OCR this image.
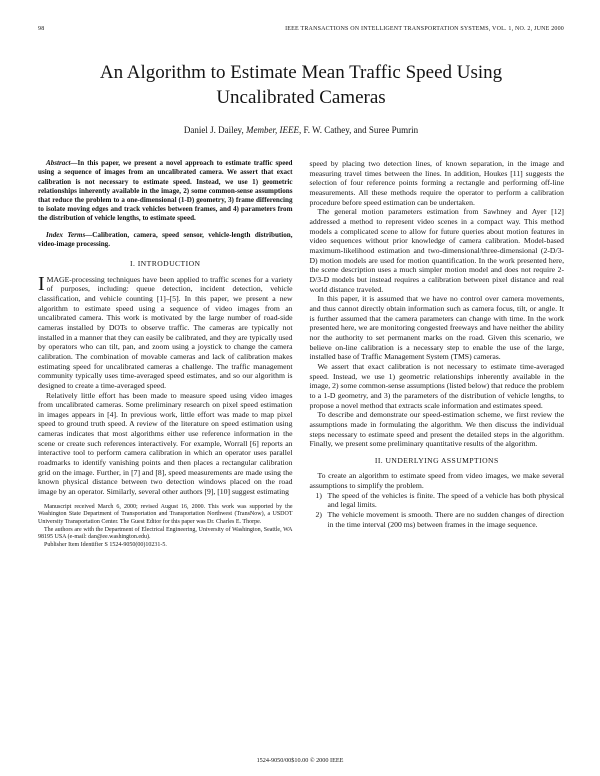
98	IEEE TRANSACTIONS ON INTELLIGENT TRANSPORTATION SYSTEMS, VOL. 1, NO. 2, JUNE 2000
An Algorithm to Estimate Mean Traffic Speed Using Uncalibrated Cameras
Daniel J. Dailey, Member, IEEE, F. W. Cathey, and Suree Pumrin

Abstract—In this paper, we present a novel approach to estimate traffic speed using a sequence of images from an uncalibrated camera. We assert that exact calibration is not necessary to estimate speed. Instead, we use 1) geometric relationships inherently available in the image, 2) some common-sense assumptions that reduce the problem to a one-dimensional (1-D) geometry, 3) frame differencing to isolate moving edges and track vehicles between frames, and 4) parameters from the distribution of vehicle lengths, to estimate speed.

Index Terms—Calibration, camera, speed sensor, vehicle-length distribution, video-image processing.

I. INTRODUCTION

IMAGE-processing techniques have been applied to traffic scenes for a variety of purposes, including: queue detection, incident detection, vehicle classification, and vehicle counting [1]–[5]. In this paper, we present a new algorithm to estimate speed using a sequence of video images from an uncalibrated camera. This work is motivated by the large number of road-side cameras installed by DOTs to observe traffic. The cameras are typically not installed in a manner that they can easily be calibrated, and they are typically used by operators who can tilt, pan, and zoom using a joystick to change the camera calibration. The combination of movable cameras and lack of calibration makes estimating speed for uncalibrated cameras a challenge. The traffic management community typically uses time-averaged speed estimates, and so our algorithm is designed to create a time-averaged speed.

Relatively little effort has been made to measure speed using video images from uncalibrated cameras. Some preliminary research on pixel speed estimation in images appears in [4]. In previous work, little effort was made to map pixel speed to ground truth speed. A review of the literature on speed estimation using cameras indicates that most algorithms either use reference information in the scene or create such references interactively. For example, Worrall [6] reports an interactive tool to perform camera calibration in which an operator uses parallel roadmarks to identify vanishing points and then places a rectangular calibration grid on the image. Further, in [7] and [8], speed measurements are made using the known physical distance between two detection windows placed on the road image by an operator. Similarly, several other authors [9], [10] suggest estimating

Manuscript received March 6, 2000; revised August 16, 2000. This work was supported by the Washington State Department of Transportation and Transportation Northwest (TransNow), a USDOT University Transportation Center. The Guest Editor for this paper was Dr. Charles E. Thorpe.

The authors are with the Department of Electrical Engineering, University of Washington, Seattle, WA 98195 USA (e-mail: dan@ee.washington.edu).

Publisher Item Identifier S 1524-9050(00)10231-5.

speed by placing two detection lines, of known separation, in the image and measuring travel times between the lines. In addition, Houkes [11] suggests the selection of four reference points forming a rectangle and performing off-line measurements. All these methods require the operator to perform a calibration procedure before speed estimation can be undertaken.

The general motion parameters estimation from Sawhney and Ayer [12] addressed a method to represent video scenes in a compact way. This method models a complicated scene to allow for future queries about motion features in video sequences without prior knowledge of camera calibration. Model-based maximum-likelihood estimation and two-dimensional/three-dimensional (2-D/3-D) motion models are used for motion quantification. In the work presented here, the scene description uses a much simpler motion model and does not require 2-D/3-D models but instead requires a calibration between pixel distance and real world distance traveled.

In this paper, it is assumed that we have no control over camera movements, and thus cannot directly obtain information such as camera focus, tilt, or angle. It is further assumed that the camera parameters can change with time. In the work presented here, we are monitoring congested freeways and have neither the ability nor the authority to set permanent marks on the road. Given this scenario, we believe on-line calibration is a necessary step to enable the use of the large, installed base of Traffic Management System (TMS) cameras.

We assert that exact calibration is not necessary to estimate time-averaged speed. Instead, we use 1) geometric relationships inherently available in the image, 2) some common-sense assumptions (listed below) that reduce the problem to a 1-D geometry, and 3) the parameters of the distribution of vehicle lengths, to propose a novel method that extracts scale information and estimates speed.

To describe and demonstrate our speed-estimation scheme, we first review the assumptions made in formulating the algorithm. We then discuss the individual steps necessary to estimate speed and present the detailed steps in the algorithm. Finally, we present some preliminary quantitative results of the algorithm.

II. UNDERLYING ASSUMPTIONS

To create an algorithm to estimate speed from video images, we make several assumptions to simplify the problem.

1) The speed of the vehicles is finite. The speed of a vehicle has both physical and legal limits.
2) The vehicle movement is smooth. There are no sudden changes of direction in the time interval (200 ms) between frames in the image sequence.
1524-9050/00$10.00 © 2000 IEEE
